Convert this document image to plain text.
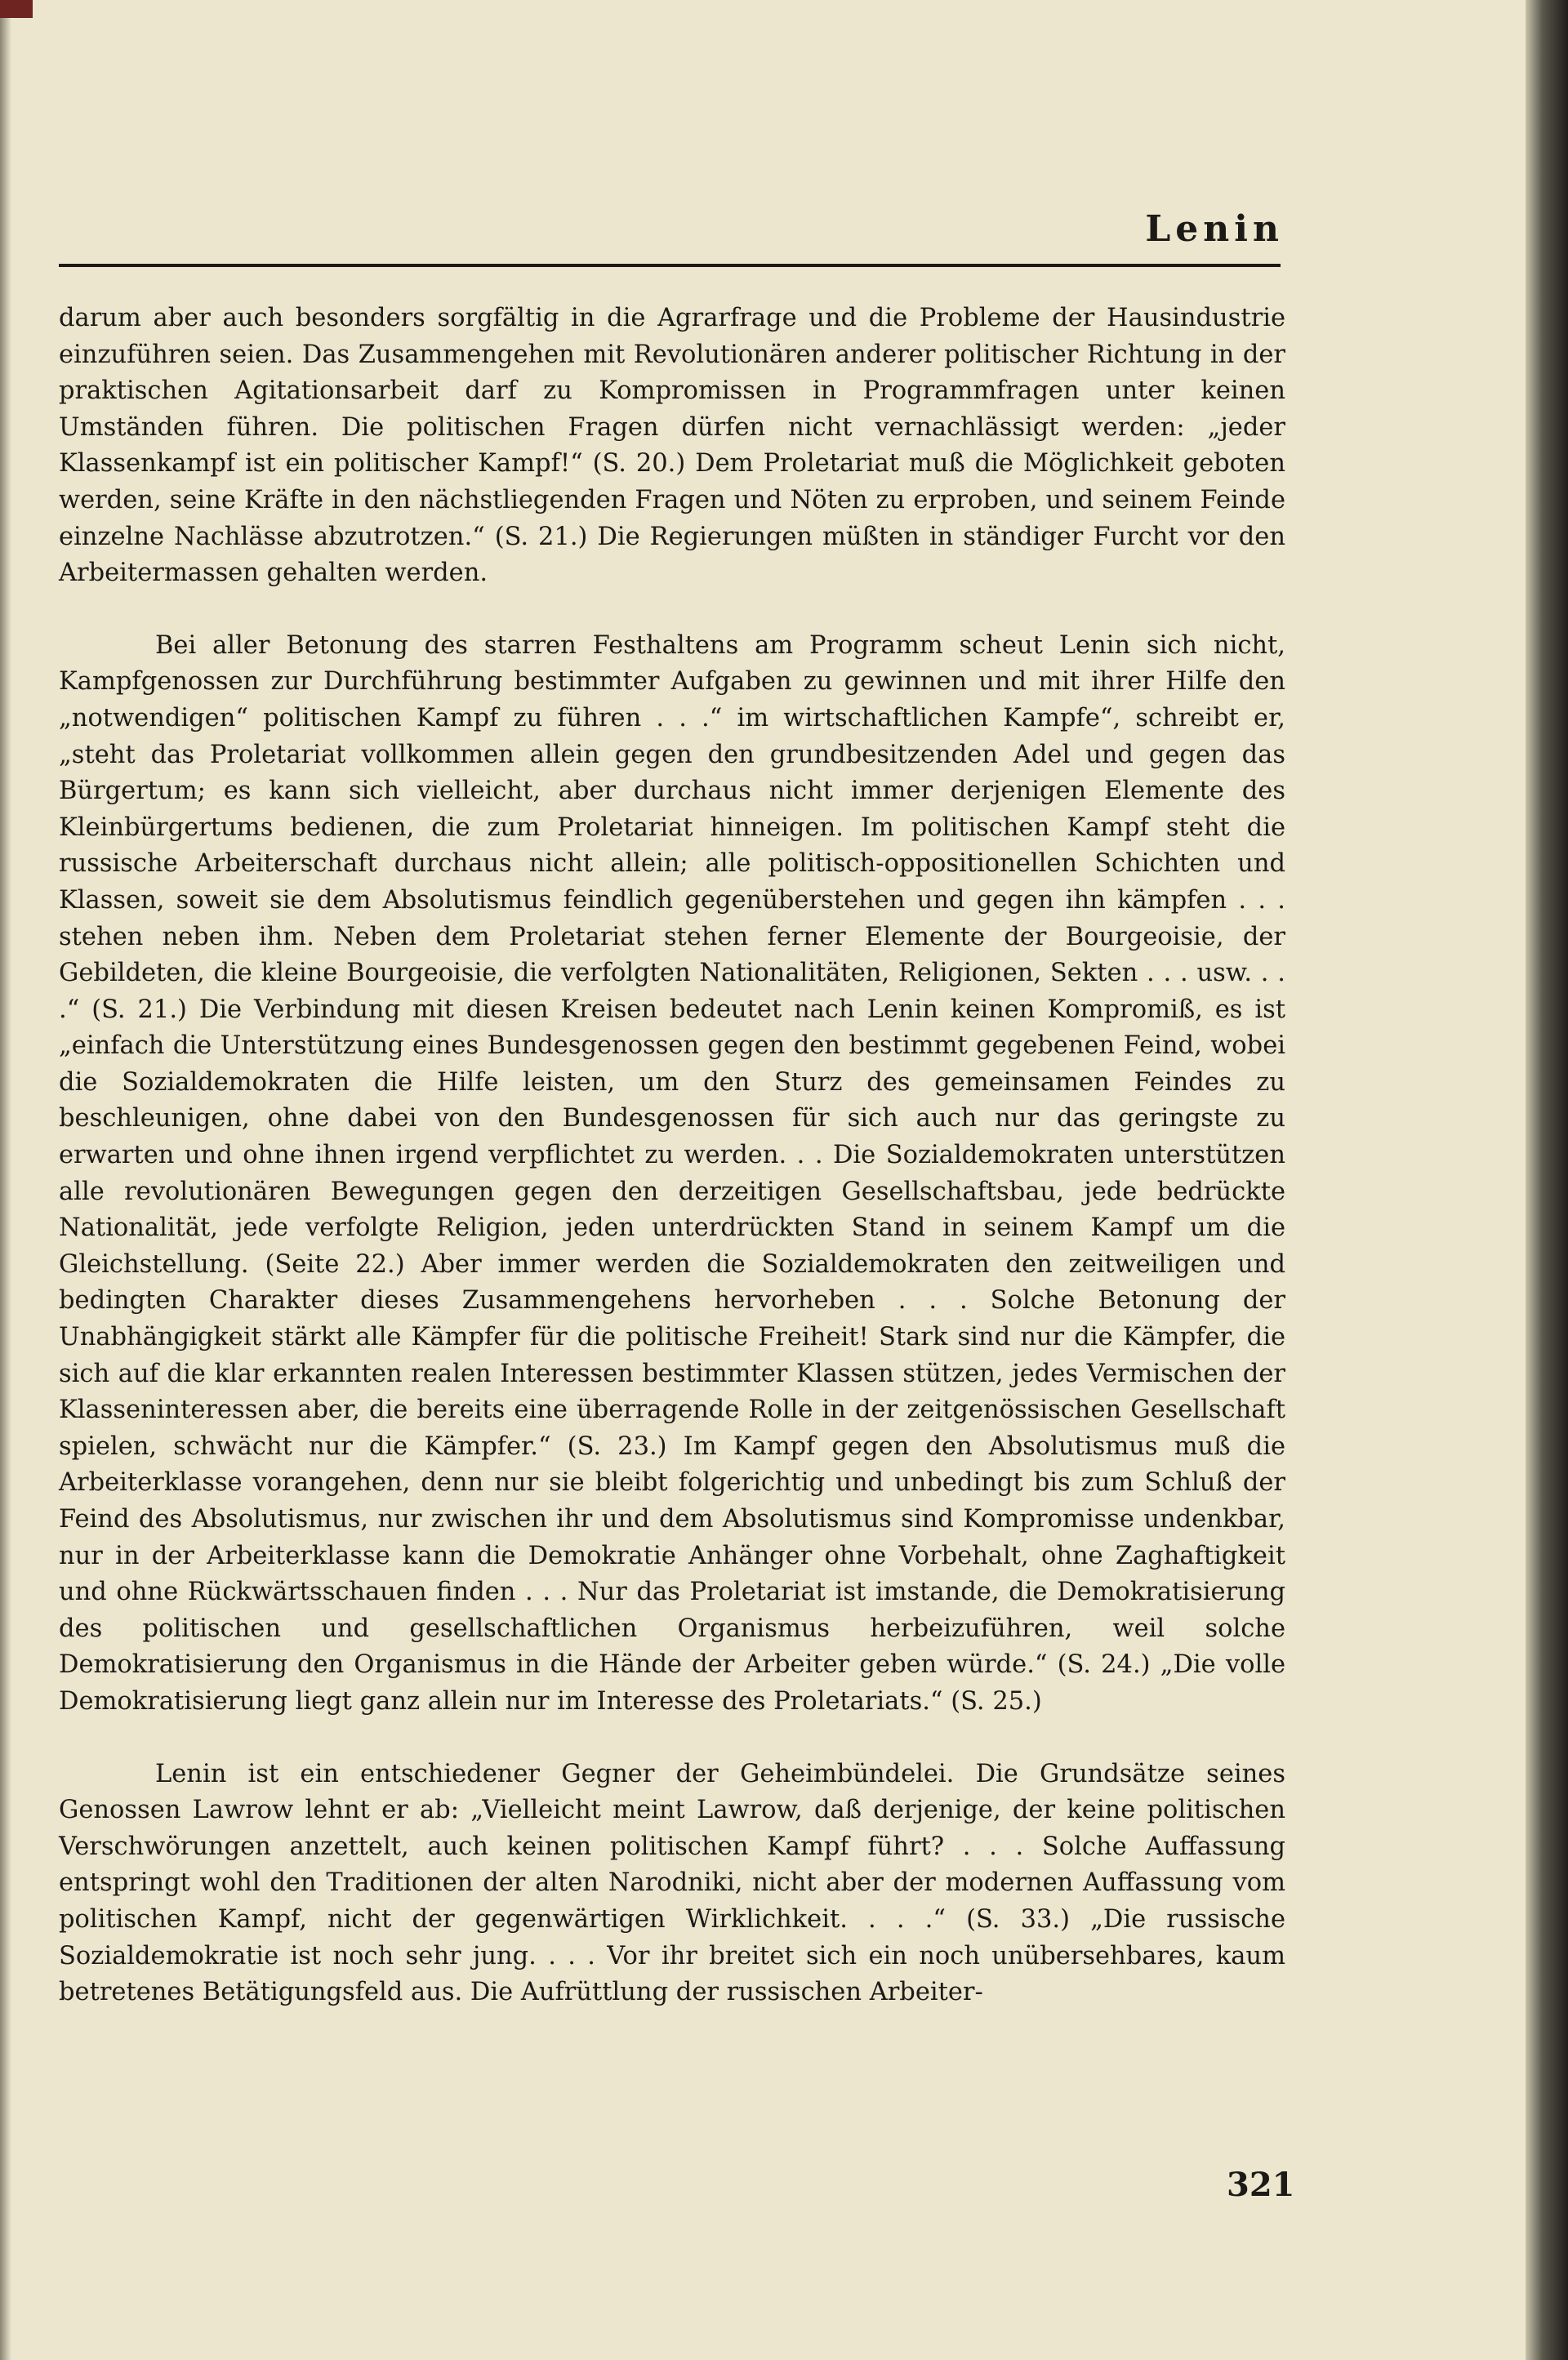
Lenin

darum aber auch besonders sorgfältig in die Agrarfrage und die Probleme der Hausindustrie einzuführen seien. Das Zusammengehen mit Revolutionären anderer politischer Richtung in der praktischen Agitationsarbeit darf zu Kompromissen in Programmfragen unter keinen Umständen führen. Die politischen Fragen dürfen nicht vernachlässigt werden: „jeder Klassenkampf ist ein politischer Kampf!“ (S. 20.) Dem Proletariat muß die Möglichkeit geboten werden, seine Kräfte in den nächstliegenden Fragen und Nöten zu erproben, und seinem Feinde einzelne Nachlässe abzutrotzen.“ (S. 21.) Die Regierungen müßten in ständiger Furcht vor den Arbeitermassen gehalten werden.

Bei aller Betonung des starren Festhaltens am Programm scheut Lenin sich nicht, Kampfgenossen zur Durchführung bestimmter Aufgaben zu gewinnen und mit ihrer Hilfe den „notwendigen“ politischen Kampf zu führen . . .“ im wirtschaftlichen Kampfe“, schreibt er, „steht das Proletariat vollkommen allein gegen den grundbesitzenden Adel und gegen das Bürgertum; es kann sich vielleicht, aber durchaus nicht immer derjenigen Elemente des Kleinbürgertums bedienen, die zum Proletariat hinneigen. Im politischen Kampf steht die russische Arbeiterschaft durchaus nicht allein; alle politisch-oppositionellen Schichten und Klassen, soweit sie dem Absolutismus feindlich gegenüberstehen und gegen ihn kämpfen . . . stehen neben ihm. Neben dem Proletariat stehen ferner Elemente der Bourgeoisie, der Gebildeten, die kleine Bourgeoisie, die verfolgten Nationalitäten, Religionen, Sekten . . . usw. . . .“ (S. 21.) Die Verbindung mit diesen Kreisen bedeutet nach Lenin keinen Kompromiß, es ist „einfach die Unterstützung eines Bundesgenossen gegen den bestimmt gegebenen Feind, wobei die Sozialdemokraten die Hilfe leisten, um den Sturz des gemeinsamen Feindes zu beschleunigen, ohne dabei von den Bundesgenossen für sich auch nur das geringste zu erwarten und ohne ihnen irgend verpflichtet zu werden. . . Die Sozialdemokraten unterstützen alle revolutionären Bewegungen gegen den derzeitigen Gesellschaftsbau, jede bedrückte Nationalität, jede verfolgte Religion, jeden unterdrückten Stand in seinem Kampf um die Gleichstellung. (Seite 22.) Aber immer werden die Sozialdemokraten den zeitweiligen und bedingten Charakter dieses Zusammengehens hervorheben . . . Solche Betonung der Unabhängigkeit stärkt alle Kämpfer für die politische Freiheit! Stark sind nur die Kämpfer, die sich auf die klar erkannten realen Interessen bestimmter Klassen stützen, jedes Vermischen der Klasseninteressen aber, die bereits eine überragende Rolle in der zeitgenössischen Gesellschaft spielen, schwächt nur die Kämpfer.“ (S. 23.) Im Kampf gegen den Absolutismus muß die Arbeiterklasse vorangehen, denn nur sie bleibt folgerichtig und unbedingt bis zum Schluß der Feind des Absolutismus, nur zwischen ihr und dem Absolutismus sind Kompromisse undenkbar, nur in der Arbeiterklasse kann die Demokratie Anhänger ohne Vorbehalt, ohne Zaghaftigkeit und ohne Rückwärtsschauen finden . . . Nur das Proletariat ist imstande, die Demokratisierung des politischen und gesellschaftlichen Organismus herbeizuführen, weil solche Demokratisierung den Organismus in die Hände der Arbeiter geben würde.“ (S. 24.) „Die volle Demokratisierung liegt ganz allein nur im Interesse des Proletariats.“ (S. 25.)

Lenin ist ein entschiedener Gegner der Geheimbündelei. Die Grundsätze seines Genossen Lawrow lehnt er ab: „Vielleicht meint Lawrow, daß derjenige, der keine politischen Verschwörungen anzettelt, auch keinen politischen Kampf führt? . . . Solche Auffassung entspringt wohl den Traditionen der alten Narodniki, nicht aber der modernen Auffassung vom politischen Kampf, nicht der gegenwärtigen Wirklichkeit. . . .“ (S. 33.) „Die russische Sozialdemokratie ist noch sehr jung. . . . Vor ihr breitet sich ein noch unübersehbares, kaum betretenes Betätigungsfeld aus. Die Aufrüttlung der russischen Arbeiter-

321
